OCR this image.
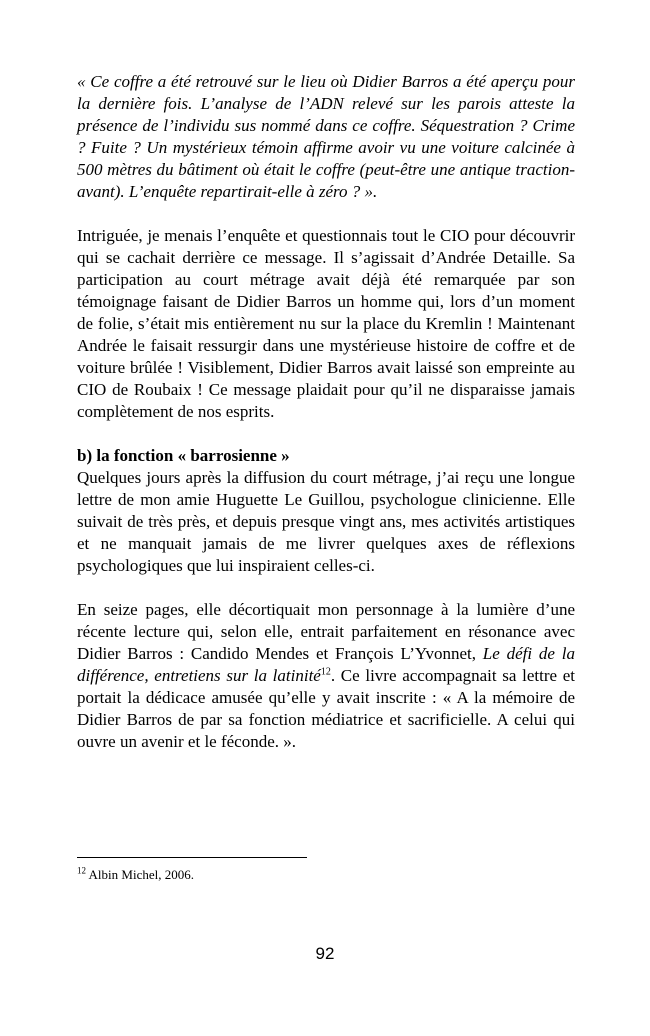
« Ce coffre a été retrouvé sur le lieu où Didier Barros a été aperçu pour la dernière fois. L’analyse de l’ADN relevé sur les parois atteste la présence de l’individu sus nommé dans ce coffre. Séquestration ? Crime ? Fuite ? Un mystérieux témoin affirme avoir vu une voiture calcinée à 500 mètres du bâtiment où était le coffre (peut-être une antique traction-avant). L’enquête repartirait-elle à zéro ? ».

Intriguée, je menais l’enquête et questionnais tout le CIO pour découvrir qui se cachait derrière ce message. Il s’agissait d’Andrée Detaille. Sa participation au court métrage avait déjà été remarquée par son témoignage faisant de Didier Barros un homme qui, lors d’un moment de folie, s’était mis entièrement nu sur la place du Kremlin ! Maintenant Andrée le faisait ressurgir dans une mystérieuse histoire de coffre et de voiture brûlée ! Visiblement, Didier Barros avait laissé son empreinte au CIO de Roubaix ! Ce message plaidait pour qu’il ne disparaisse jamais complètement de nos esprits.

b) la fonction « barrosienne »

Quelques jours après la diffusion du court métrage, j’ai reçu une longue lettre de mon amie Huguette Le Guillou, psychologue clinicienne. Elle suivait de très près, et depuis presque vingt ans, mes activités artistiques et ne manquait jamais de me livrer quelques axes de réflexions psychologiques que lui inspiraient celles-ci.

En seize pages, elle décortiquait mon personnage à la lumière d’une récente lecture qui, selon elle, entrait parfaitement en résonance avec Didier Barros : Candido Mendes et François L’Yvonnet, Le défi de la différence, entretiens sur la latinité$^{12}$. Ce livre accompagnait sa lettre et portait la dédicace amusée qu’elle y avait inscrite : « A la mémoire de Didier Barros de par sa fonction médiatrice et sacrificielle. A celui qui ouvre un avenir et le féconde. ».

$^{12}$ Albin Michel, 2006.
92
